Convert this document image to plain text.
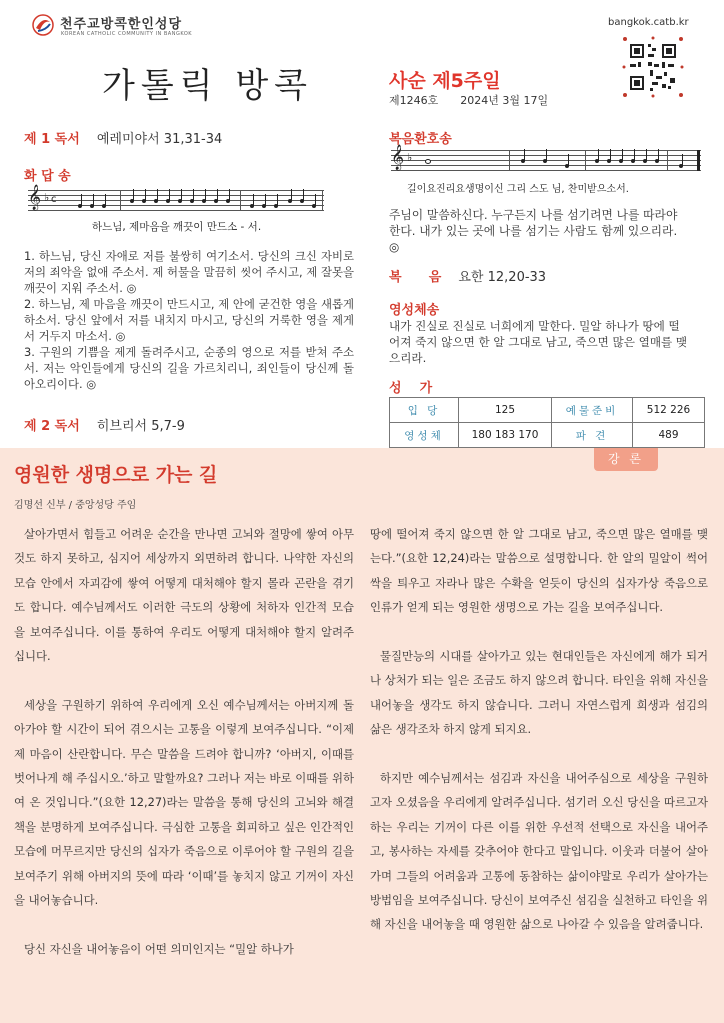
천주교방콕한인성당
KOREAN CATHOLIC COMMUNITY IN BANGKOK
bangkok.catb.kr
가톨릭 방콕	사순 제5주일
제1246호 2024년 3월 17일
제 1 독서 예레미야서 31,31-34
화 답 송
𝄞 ♭ c
하느님, 제마음을 깨끗이 만드소 - 서.

1. 하느님, 당신 자애로 저를 불쌍히 여기소서. 당신의 크신 자비로 저의 죄악을 없애 주소서. 제 허물을 말끔히 씻어 주시고, 제 잘못을 깨끗이 지워 주소서. ◎

2. 하느님, 제 마음을 깨끗이 만드시고, 제 안에 굳건한 영을 새롭게 하소서. 당신 앞에서 저를 내치지 마시고, 당신의 거룩한 영을 제게서 거두지 마소서. ◎

3. 구원의 기쁨을 제게 돌려주시고, 순종의 영으로 저를 받쳐 주소서. 저는 악인들에게 당신의 길을 가르치리니, 죄인들이 당신께 돌아오리이다. ◎

제 2 독서 히브리서 5,7-9
복음환호송
𝄞 ♭
길이요진리요생명이신 그리 스도 님, 찬미받으소서.
주님이 말씀하신다. 누구든지 나를 섬기려면 나를 따라야 한다. 내가 있는 곳에 나를 섬기는 사람도 함께 있으리라. ◎
복      음 요한 12,20-33
영성체송
내가 진실로 진실로 너희에게 말한다. 밀알 하나가 땅에 떨어져 죽지 않으면 한 알 그대로 남고, 죽으면 많은 열매를 맺으리라.
성    가
입 당	125	예물준비	512 226
영성체	180 183 170	파 견	489
강 론
영원한 생명으로 가는 길
김명선 신부 / 중앙성당 주임

살아가면서 힘들고 어려운 순간을 만나면 고뇌와 절망에 쌓여 아무것도 하지 못하고, 심지어 세상까지 외면하려 합니다. 나약한 자신의 모습 안에서 자괴감에 쌓여 어떻게 대처해야 할지 몰라 곤란을 겪기도 합니다. 예수님께서도 이러한 극도의 상황에 처하자 인간적 모습을 보여주십니다. 이를 통하여 우리도 어떻게 대처해야 할지 알려주십니다.

세상을 구원하기 위하여 우리에게 오신 예수님께서는 아버지께 돌아가야 할 시간이 되어 겪으시는 고통을 이렇게 보여주십니다. “이제 제 마음이 산란합니다. 무슨 말씀을 드려야 합니까? ‘아버지, 이때를 벗어나게 해 주십시오.’하고 말할까요? 그러나 저는 바로 이때를 위하여 온 것입니다.”(요한 12,27)라는 말씀을 통해 당신의 고뇌와 해결책을 분명하게 보여주십니다. 극심한 고통을 회피하고 싶은 인간적인 모습에 머무르지만 당신의 십자가 죽음으로 이루어야 할 구원의 길을 보여주기 위해 아버지의 뜻에 따라 ‘이때’를 놓치지 않고 기꺼이 자신을 내어놓습니다.

당신 자신을 내어놓음이 어떤 의미인지는 “밀알 하나가

땅에 떨어져 죽지 않으면 한 알 그대로 남고, 죽으면 많은 열매를 맺는다.”(요한 12,24)라는 말씀으로 설명합니다. 한 알의 밀알이 썩어 싹을 틔우고 자라나 많은 수확을 얻듯이 당신의 십자가상 죽음으로 인류가 얻게 되는 영원한 생명으로 가는 길을 보여주십니다.

물질만능의 시대를 살아가고 있는 현대인들은 자신에게 해가 되거나 상처가 되는 일은 조금도 하지 않으려 합니다. 타인을 위해 자신을 내어놓을 생각도 하지 않습니다. 그러니 자연스럽게 희생과 섬김의 삶은 생각조차 하지 않게 되지요.

하지만 예수님께서는 섬김과 자신을 내어주심으로 세상을 구원하고자 오셨음을 우리에게 알려주십니다. 섬기러 오신 당신을 따르고자 하는 우리는 기꺼이 다른 이를 위한 우선적 선택으로 자신을 내어주고, 봉사하는 자세를 갖추어야 한다고 말입니다. 이웃과 더불어 살아가며 그들의 어려움과 고통에 동참하는 삶이야말로 우리가 살아가는 방법임을 보여주십니다. 당신이 보여주신 섬김을 실천하고 타인을 위해 자신을 내어놓을 때 영원한 삶으로 나아갈 수 있음을 알려줍니다.
